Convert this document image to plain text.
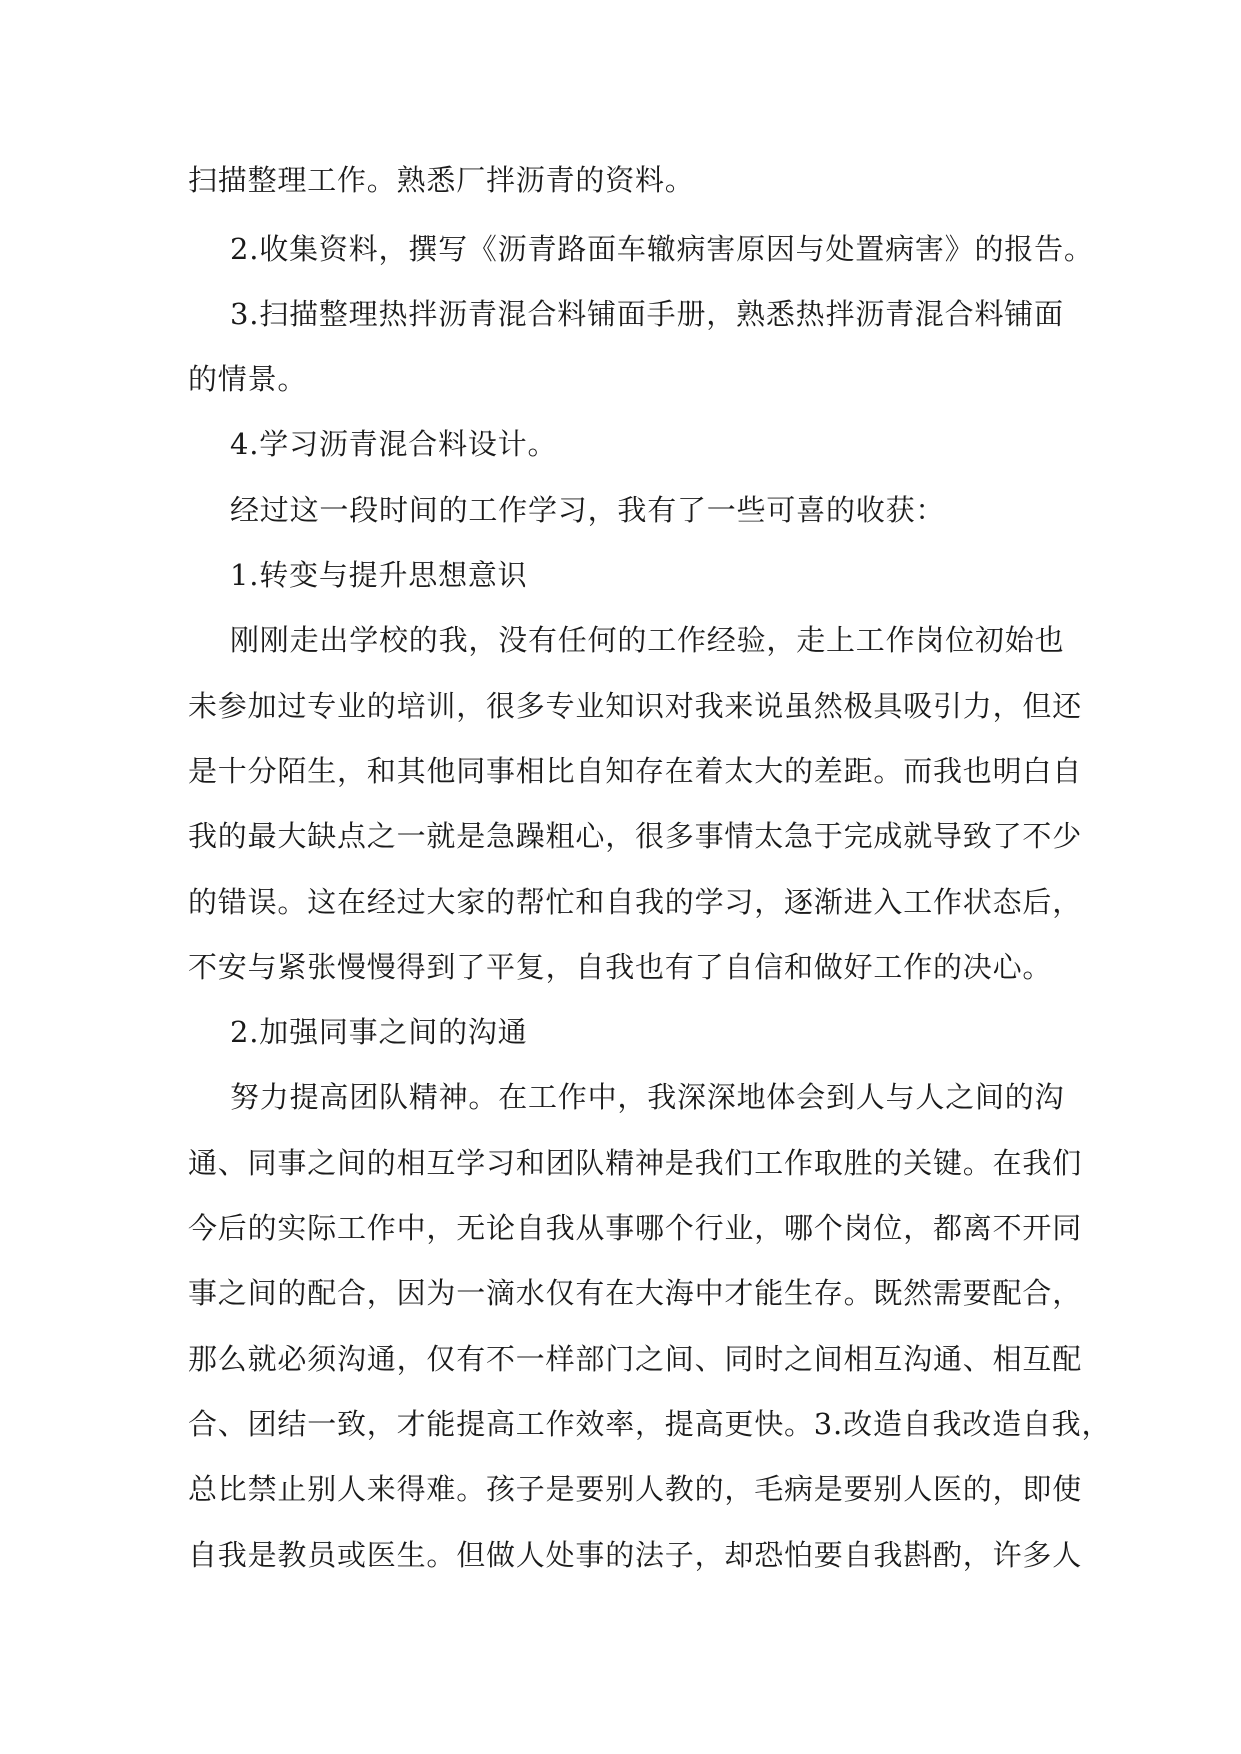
扫描整理工作。熟悉厂拌沥青的资料。
2.收集资料，撰写《沥青路面车辙病害原因与处置病害》的报告。
3.扫描整理热拌沥青混合料铺面手册，熟悉热拌沥青混合料铺面
的情景。
4.学习沥青混合料设计。
经过这一段时间的工作学习，我有了一些可喜的收获：
1.转变与提升思想意识
刚刚走出学校的我，没有任何的工作经验，走上工作岗位初始也
未参加过专业的培训，很多专业知识对我来说虽然极具吸引力，但还
是十分陌生，和其他同事相比自知存在着太大的差距。而我也明白自
我的最大缺点之一就是急躁粗心，很多事情太急于完成就导致了不少
的错误。这在经过大家的帮忙和自我的学习，逐渐进入工作状态后，
不安与紧张慢慢得到了平复，自我也有了自信和做好工作的决心。
2.加强同事之间的沟通
努力提高团队精神。在工作中，我深深地体会到人与人之间的沟
通、同事之间的相互学习和团队精神是我们工作取胜的关键。在我们
今后的实际工作中，无论自我从事哪个行业，哪个岗位，都离不开同
事之间的配合，因为一滴水仅有在大海中才能生存。既然需要配合，
那么就必须沟通，仅有不一样部门之间、同时之间相互沟通、相互配
合、团结一致，才能提高工作效率，提高更快。3.改造自我改造自我，
总比禁止别人来得难。孩子是要别人教的，毛病是要别人医的，即使
自我是教员或医生。但做人处事的法子，却恐怕要自我斟酌，许多人
